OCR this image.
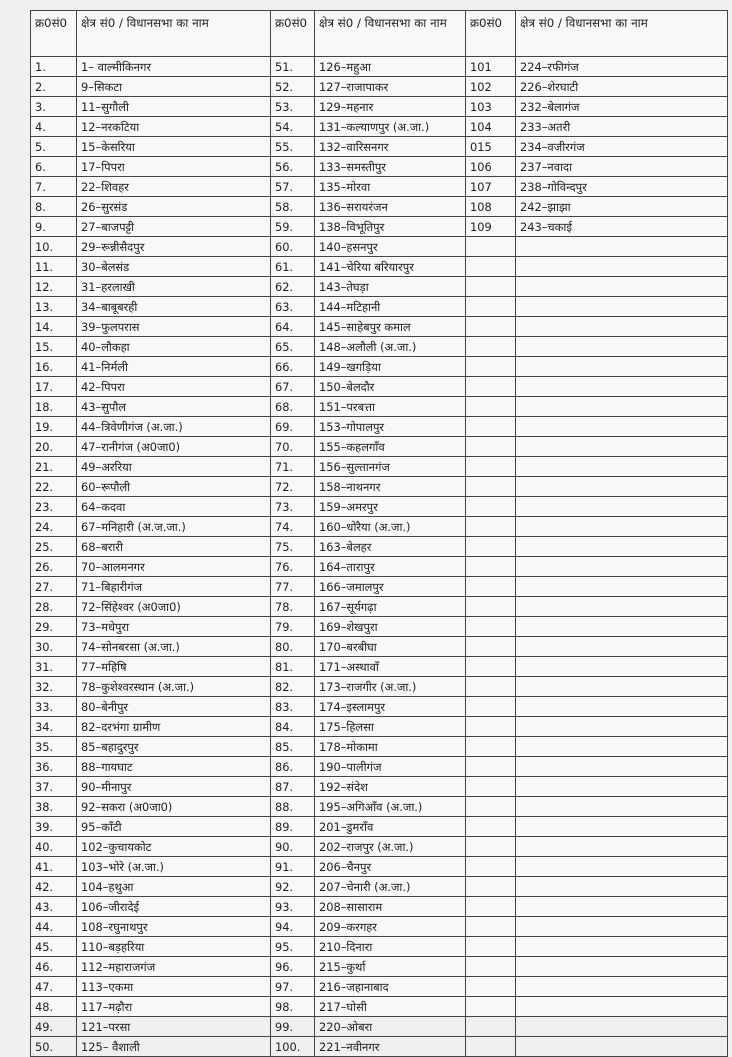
क्र0सं0	क्षेत्र सं0 / विधानसभा का नाम	क्र0सं0	क्षेत्र सं0 / विधानसभा का नाम	क्र0सं0	क्षेत्र सं0 / विधानसभा का नाम
1.	1– वाल्मीकिनगर	51.	126–महुआ	101	224–रफीगंज
2.	9–सिकटा	52.	127–राजापाकर	102	226–शेरघाटी
3.	11–सुगौली	53.	129–महनार	103	232–बेलागंज
4.	12–नरकटिया	54.	131–कल्याणपुर (अ.जा.)	104	233–अतरी
5.	15–केसरिया	55.	132–वारिसनगर	015	234–वजीरगंज
6.	17–पिपरा	56.	133–समस्तीपुर	106	237–नवादा
7.	22–शिवहर	57.	135–मोरवा	107	238–गोविन्दपुर
8.	26–सुरसंड	58.	136–सरायरंजन	108	242–झाझा
9.	27–बाजपट्टी	59.	138–विभूतिपुर	109	243–चकाई
10.	29–रून्नीसैदपुर	60.	140–हसनपुर		
11.	30–बेलसंड	61.	141–चेरिया बरियारपुर		
12.	31–हरलाखी	62.	143–तेघड़ा		
13.	34–बाबूबरही	63.	144–मटिहानी		
14.	39–फुलपरास	64.	145–साहेबपुर कमाल		
15.	40–लौकहा	65.	148–अलौली (अ.जा.)		
16.	41–निर्मली	66.	149–खगड़िया		
17.	42–पिपरा	67.	150–बेलदौर		
18.	43–सुपौल	68.	151–परबत्ता		
19.	44–त्रिवेणीगंज (अ.जा.)	69.	153–गोपालपुर		
20.	47–रानीगंज (अ0जा0)	70.	155–कहलगाँव		
21.	49–अररिया	71.	156–सुल्तानगंज		
22.	60–रूपौली	72.	158–नाथनगर		
23.	64–कदवा	73.	159–अमरपुर		
24.	67–मनिहारी (अ.ज.जा.)	74.	160–धोरैया (अ.जा.)		
25.	68–बरारी	75.	163–बेलहर		
26.	70–आलमनगर	76.	164–तारापुर		
27.	71–बिहारीगंज	77.	166–जमालपुर		
28.	72–सिंहेश्वर (अ0जा0)	78.	167–सूर्यगढ़ा		
29.	73–मधेपुरा	79.	169–शेखपुरा		
30.	74–सोनबरसा (अ.जा.)	80.	170–बरबीघा		
31.	77–महिषि	81.	171–अस्थावाँ		
32.	78–कुशेश्वरस्थान (अ.जा.)	82.	173–राजगीर (अ.जा.)		
33.	80–बेनीपुर	83.	174–इस्लामपुर		
34.	82–दरभंगा ग्रामीण	84.	175–हिलसा		
35.	85–बहादुरपुर	85.	178–मोकामा		
36.	88–गायघाट	86.	190–पालीगंज		
37.	90–मीनापुर	87.	192–संदेश		
38.	92–सकरा (अ0जा0)	88.	195–अगिआँव (अ.जा.)		
39.	95–काँटी	89.	201–डुमराँव		
40.	102–कुचायकोट	90.	202–राजपुर (अ.जा.)		
41.	103–भोरे (अ.जा.)	91.	206–चैनपुर		
42.	104–हथुआ	92.	207–चेनारी (अ.जा.)		
43.	106–जीरादेई	93.	208–सासाराम		
44.	108–रघुनाथपुर	94.	209–करगहर		
45.	110–बड़हरिया	95.	210–दिनारा		
46.	112–महाराजगंज	96.	215–कुर्था		
47.	113–एकमा	97.	216–जहानाबाद		
48.	117–मढ़ौरा	98.	217–घोसी		
49.	121–परसा	99.	220–ओबरा		
50.	125– वैशाली	100.	221–नवीनगर		
